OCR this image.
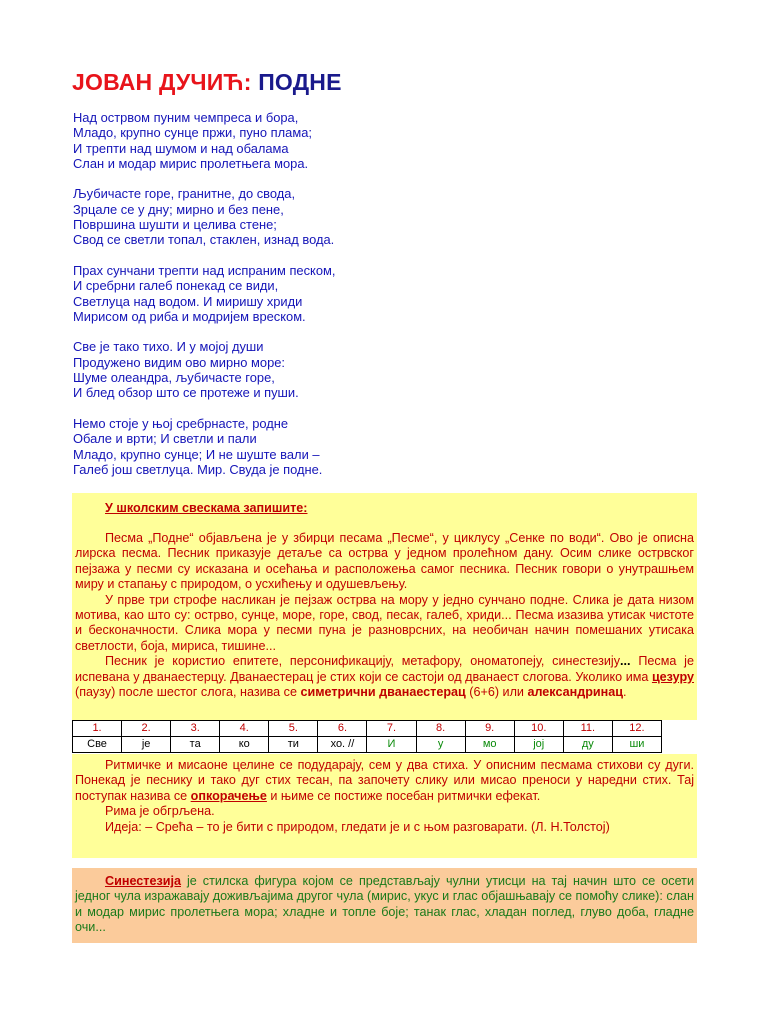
ЈОВАН ДУЧИЋ: ПОДНЕ
Над острвом пуним чемпреса и бора,
Младо, крупно сунце пржи, пуно плама;
И трепти над шумом и над обалама
Слан и модар мирис пролетњега мора.
Љубичасте горе, гранитне, до свода,
Зрцале се у дну; мирно и без пене,
Површина шушти и целива стене;
Свод се светли топал, стаклен, изнад вода.
Прах сунчани трепти над испраним песком,
И сребрни галеб понекад се види,
Светлуца над водом. И миришу хриди
Мирисом од риба и модријем вреском.
Све је тако тихо. И у мојој души
Продужено видим ово мирно море:
Шуме олеандра, љубичасте горе,
И блед обзор што се протеже и пуши.
Немо стоје у њој сребрнасте, родне
Обале и врти; И светли и пали
Младо, крупно сунце; И не шуште вали –
Галеб још светлуца. Мир. Свуда је подне.
У школским свескама запишите:

Песма „Подне“ објављена је у збирци песама „Песме“, у циклусу „Сенке по води“. Ово је описна лирска песма. Песник приказује детаље са острва у једном пролећном дану. Осим слике острвског пејзажа у песми су исказана и осећања и расположења самог песника. Песник говори о унутрашњем миру и стапању с природом, о усхићењу и одушевљењу.

У прве три строфе насликан је пејзаж острва на мору у једно сунчано подне. Слика је дата низом мотива, као што су: острво, сунце, море, горе, свод, песак, галеб, хриди... Песма изазива утисак чистоте и бесконачности. Слика мора у песми пуна је разноврсних, на необичан начин помешаних утисака светлости, боја, мириса, тишине...

Песник је користио епитете, персонификацију, метафору, ономатопеју, синестезију... Песма је испевана у дванаестерцу. Дванаестерац је стих који се састоји од дванаест слогова. Уколико има цезуру (паузу) после шестог слога, назива се симетрични дванаестерац (6+6) или александринац.

1.	2.	3.	4.	5.	6.	7.	8.	9.	10.	11.	12.
Све	је	та	ко	ти	хо. //	И	у	мо	јој	ду	ши

Ритмичке и мисаоне целине се подударају, сем у два стиха. У описним песмама стихови су дуги. Понекад је песнику и тако дуг стих тесан, па започету слику или мисао преноси у наредни стих. Тај поступак назива се опкорачење и њиме се постиже посебан ритмички ефекат.

Рима је обгрљена.

Идеја: – Срећа – то је бити с природом, гледати је и с њом разговарати. (Л. Н.Толстој)

Синестезија је стилска фигура којом се представљају чулни утисци на тај начин што се осети једног чула изражавају доживљајима другог чула (мирис, укус и глас објашњавају се помоћу слике): слан и модар мирис пролетњега мора; хладне и топле боје; танак глас, хладан поглед, глуво доба, гладне очи...
